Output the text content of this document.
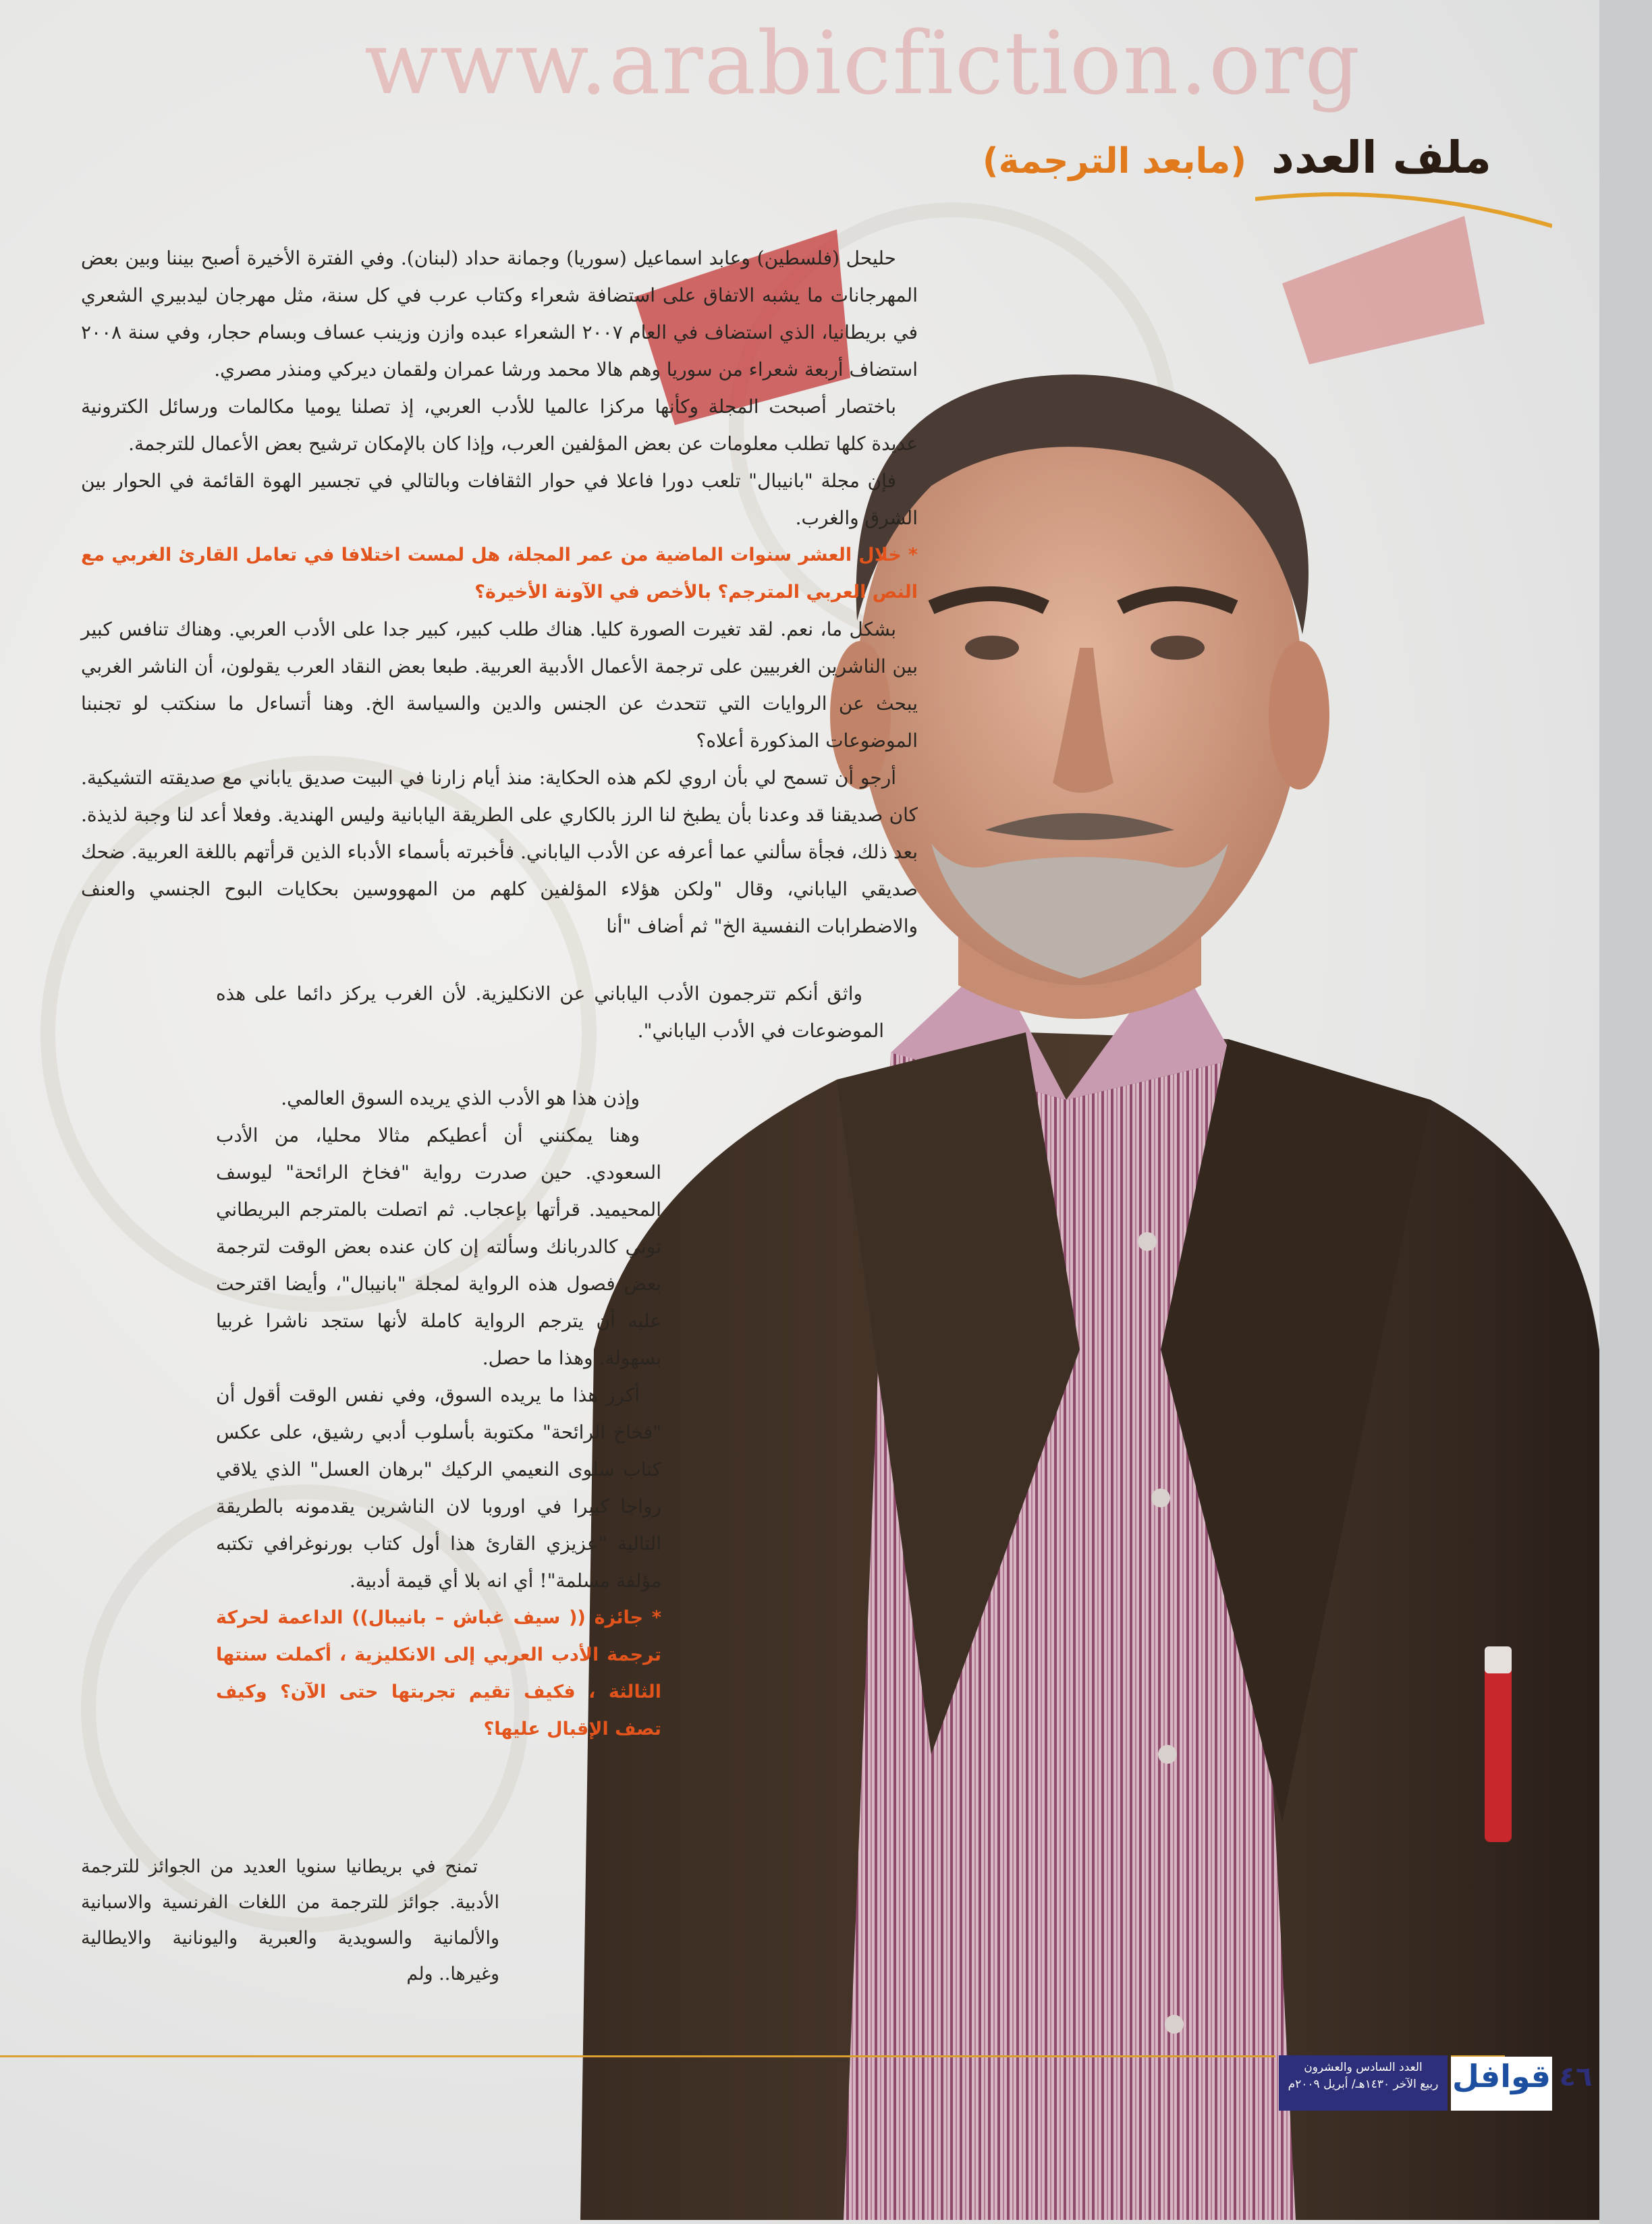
www.arabicfiction.org
ملف العدد (مابعد الترجمة)

حليحل (فلسطين) وعابد اسماعيل (سوريا) وجمانة حداد (لبنان). وفي الفترة الأخيرة أصبح بيننا وبين بعض المهرجانات ما يشبه الاتفاق على استضافة شعراء وكتاب عرب في كل سنة، مثل مهرجان ليدبيري الشعري في بريطانيا، الذي استضاف في العام ٢٠٠٧ الشعراء عبده وازن وزينب عساف وبسام حجار، وفي سنة ٢٠٠٨ استضاف أربعة شعراء من سوريا وهم هالا محمد ورشا عمران ولقمان ديركي ومنذر مصري.

باختصار أصبحت المجلة وكأنها مركزا عالميا للأدب العربي، إذ تصلنا يوميا مكالمات ورسائل الكترونية عديدة كلها تطلب معلومات عن بعض المؤلفين العرب، وإذا كان بالإمكان ترشيح بعض الأعمال للترجمة.

فإن مجلة "بانيبال" تلعب دورا فاعلا في حوار الثقافات وبالتالي في تجسير الهوة القائمة في الحوار بين الشرق والغرب.

* خلال العشر سنوات الماضية من عمر المجلة، هل لمست اختلافا في تعامل القارئ الغربي مع النص العربي المترجم؟ بالأخص في الآونة الأخيرة؟

بشكل ما، نعم. لقد تغيرت الصورة كليا. هناك طلب كبير، كبير جدا على الأدب العربي. وهناك تنافس كبير بين الناشرين الغربيين على ترجمة الأعمال الأدبية العربية. طبعا بعض النقاد العرب يقولون، أن الناشر الغربي يبحث عن الروايات التي تتحدث عن الجنس والدين والسياسة الخ. وهنا أتساءل ما سنكتب لو تجنبنا الموضوعات المذكورة أعلاه؟

أرجو أن تسمح لي بأن اروي لكم هذه الحكاية: منذ أيام زارنا في البيت صديق ياباني مع صديقته التشيكية. كان صديقنا قد وعدنا بأن يطبخ لنا الرز بالكاري على الطريقة اليابانية وليس الهندية. وفعلا أعد لنا وجبة لذيذة. بعد ذلك، فجأة سألني عما أعرفه عن الأدب الياباني. فأخبرته بأسماء الأدباء الذين قرأتهم باللغة العربية. ضحك صديقي الياباني، وقال "ولكن هؤلاء المؤلفين كلهم من المهووسين بحكايات البوح الجنسي والعنف والاضطرابات النفسية الخ" ثم أضاف "أنا

واثق أنكم تترجمون الأدب الياباني عن الانكليزية. لأن الغرب يركز دائما على هذه الموضوعات في الأدب الياباني".

وإذن هذا هو الأدب الذي يريده السوق العالمي.

وهنا يمكنني أن أعطيكم مثالا محليا، من الأدب السعودي. حين صدرت رواية "فخاخ الرائحة" ليوسف المحيميد. قرأتها بإعجاب. ثم اتصلت بالمترجم البريطاني توني كالدربانك وسألته إن كان عنده بعض الوقت لترجمة بعض فصول هذه الرواية لمجلة "بانيبال"، وأيضا اقترحت عليه أن يترجم الرواية كاملة لأنها ستجد ناشرا غربيا بسهولة. وهذا ما حصل.

أكرر هذا ما يريده السوق، وفي نفس الوقت أقول أن "فخاخ الرائحة" مكتوبة بأسلوب أدبي رشيق، على عكس كتاب سلوى النعيمي الركيك "برهان العسل" الذي يلاقي رواجا كبيرا في اوروبا لان الناشرين يقدمونه بالطريقة التالية "عزيزي القارئ هذا أول كتاب بورنوغرافي تكتبه مؤلفة مسلمة"! أي انه بلا أي قيمة أدبية.

* جائزة (( سيف غباش – بانيبال)) الداعمة لحركة ترجمة الأدب العربي إلى الانكليزية ، أكملت سنتها الثالثة ، فكيف تقيم تجربتها حتى الآن؟ وكيف تصف الإقبال عليها؟

تمنح في بريطانيا سنويا العديد من الجوائز للترجمة الأدبية. جوائز للترجمة من اللغات الفرنسية والاسبانية والألمانية والسويدية والعبرية واليونانية والايطالية وغيرها.. ولم

العدد السادس والعشرون
ربيع الآخر ١٤٣٠هـ/ أبريل ٢٠٠٩م قوافل ٤٦
